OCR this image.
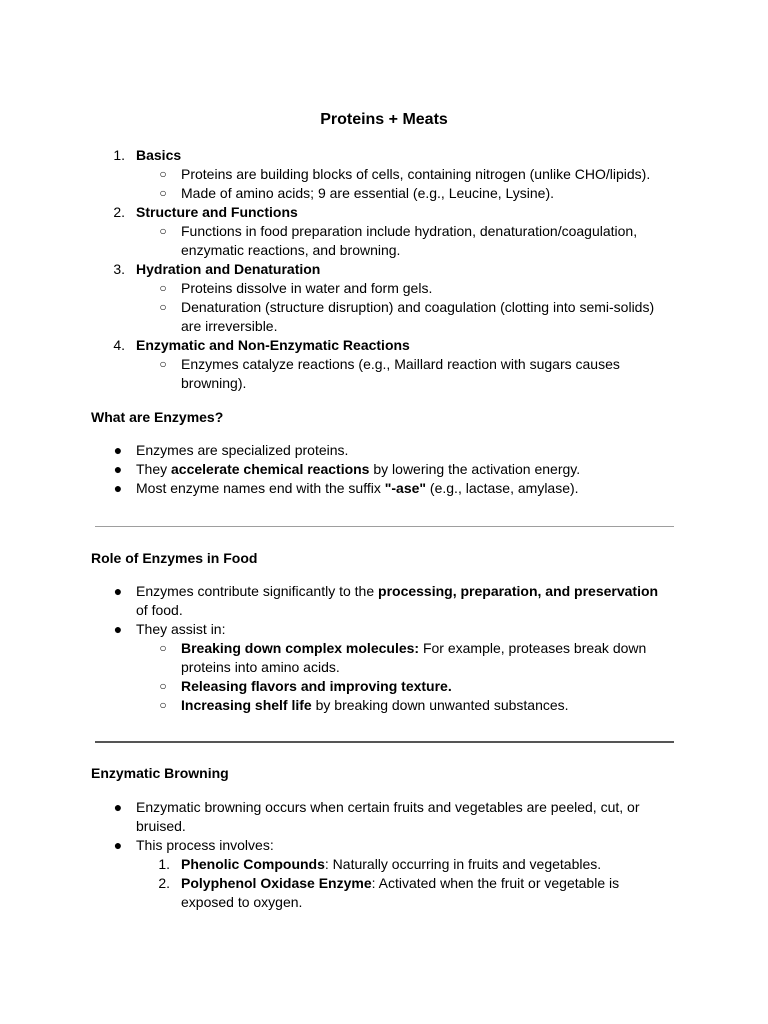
Proteins + Meats
1. Basics
○ Proteins are building blocks of cells, containing nitrogen (unlike CHO/lipids).
○ Made of amino acids; 9 are essential (e.g., Leucine, Lysine).
2. Structure and Functions
○ Functions in food preparation include hydration, denaturation/coagulation, enzymatic reactions, and browning.
3. Hydration and Denaturation
○ Proteins dissolve in water and form gels.
○ Denaturation (structure disruption) and coagulation (clotting into semi-solids) are irreversible.
4. Enzymatic and Non-Enzymatic Reactions
○ Enzymes catalyze reactions (e.g., Maillard reaction with sugars causes browning).
What are Enzymes?
● Enzymes are specialized proteins.
● They accelerate chemical reactions by lowering the activation energy.
● Most enzyme names end with the suffix "-ase" (e.g., lactase, amylase).
Role of Enzymes in Food
● Enzymes contribute significantly to the processing, preparation, and preservation of food.
● They assist in:
○ Breaking down complex molecules: For example, proteases break down proteins into amino acids.
○ Releasing flavors and improving texture.
○ Increasing shelf life by breaking down unwanted substances.
Enzymatic Browning
● Enzymatic browning occurs when certain fruits and vegetables are peeled, cut, or bruised.
● This process involves:
1. Phenolic Compounds: Naturally occurring in fruits and vegetables.
2. Polyphenol Oxidase Enzyme: Activated when the fruit or vegetable is exposed to oxygen.
